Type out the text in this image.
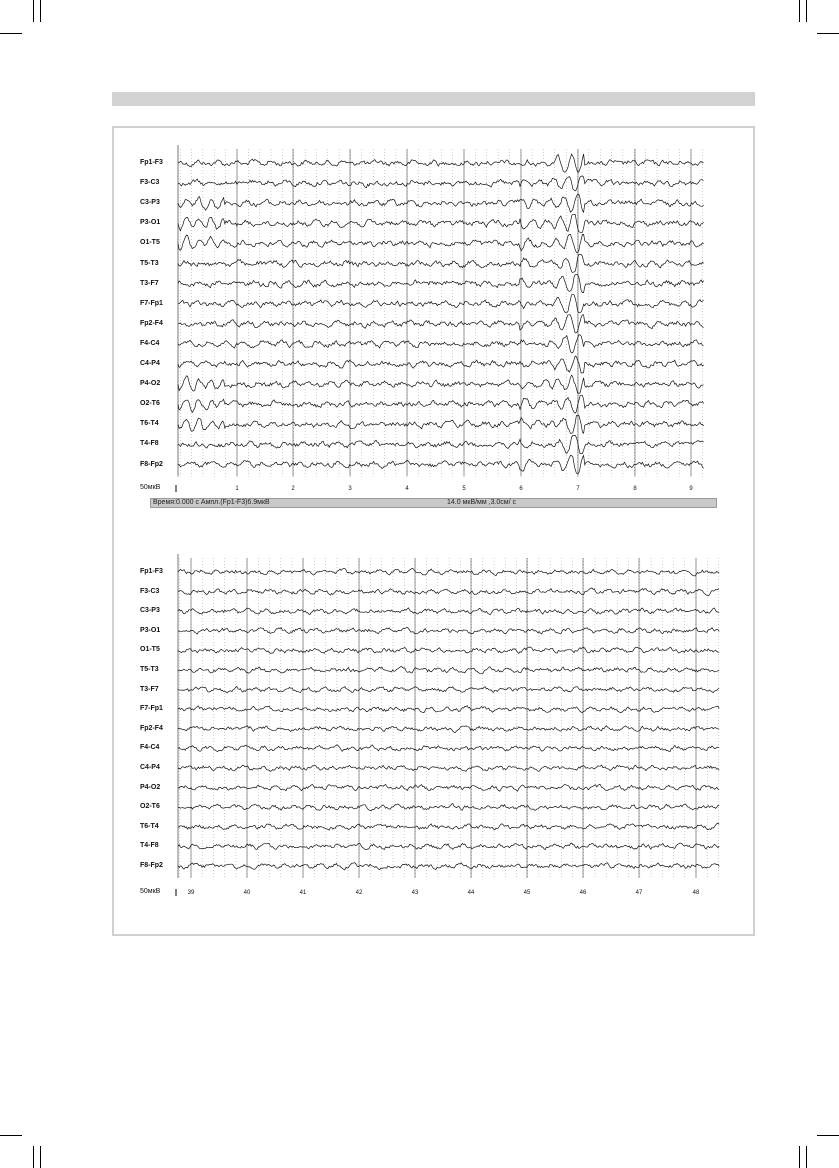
Fp1-F3
F3-C3
C3-P3
P3-O1
O1-T5
T5-T3
T3-F7
F7-Fp1
Fp2-F4
F4-C4
C4-P4
P4-O2
O2-T6
T6-T4
T4-F8
F8-Fp2
50мкВ	1	2	3	4	5	6	7	8	9
Время:0.000 с Ампл.(Fp1-F3)6.9мкВ	14.0 мкВ/мм ,3.0см/ с
Fp1-F3
F3-C3
C3-P3
P3-O1
O1-T5
T5-T3
T3-F7
F7-Fp1
Fp2-F4
F4-C4
C4-P4
P4-O2
O2-T6
T6-T4
T4-F8
F8-Fp2
50мкВ	39	40	41	42	43	44	45	46	47	48
